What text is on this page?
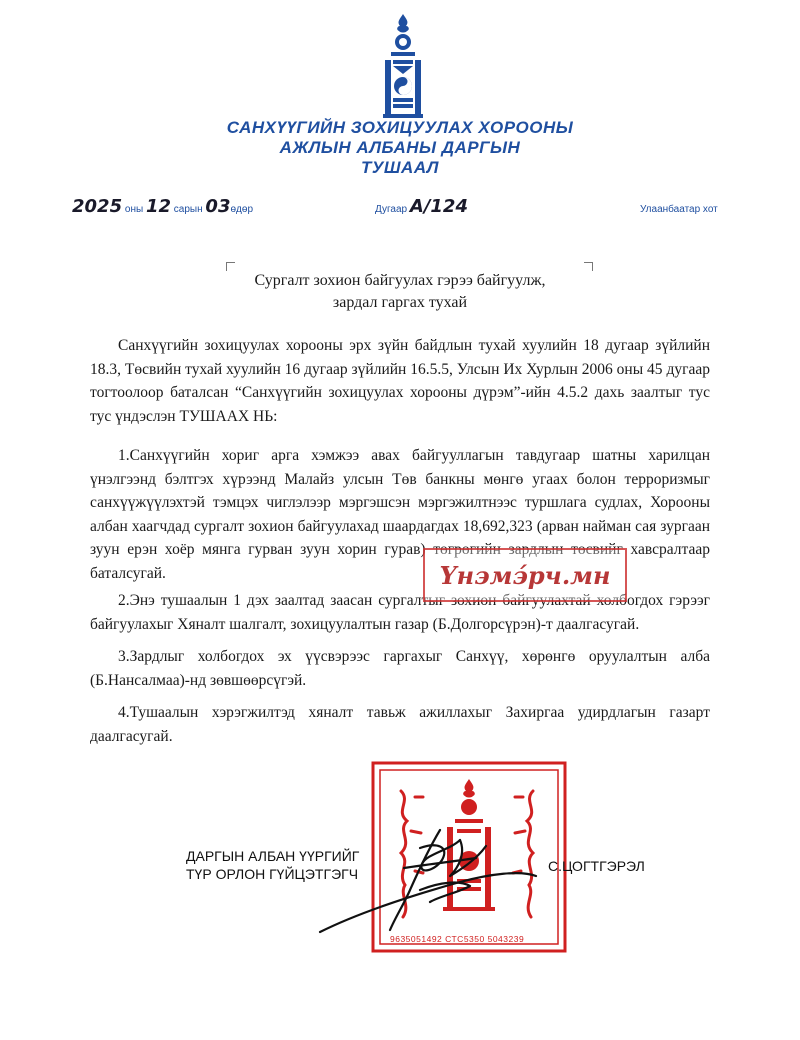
САНХҮҮГИЙН ЗОХИЦУУЛАХ ХОРООНЫ
АЖЛЫН АЛБАНЫ ДАРГЫН
ТУШААЛ
2025 оны 12 сарын 03өдөр	Дугаар А/124	Улаанбаатар хот

Сургалт зохион байгуулах гэрээ байгуулж,

зардал гаргах тухай

Санхүүгийн зохицуулах хорооны эрх зүйн байдлын тухай хуулийн 18 дугаар зүйлийн 18.3, Төсвийн тухай хуулийн 16 дугаар зүйлийн 16.5.5, Улсын Их Хурлын 2006 оны 45 дугаар тогтоолоор баталсан “Санхүүгийн зохицуулах хорооны дүрэм”-ийн 4.5.2 дахь заалтыг тус тус үндэслэн ТУШААХ НЬ:

1.Санхүүгийн хориг арга хэмжээ авах байгууллагын тавдугаар шатны харилцан үнэлгээнд бэлтгэх хүрээнд Малайз улсын Төв банкны мөнгө угаах болон терроризмыг санхүүжүүлэхтэй тэмцэх чиглэлээр мэргэшсэн мэргэжилтнээс туршлага судлах, Хорооны албан хаагчдад сургалт зохион байгуулахад шаардагдах 18,692,323 (арван найман сая зургаан зуун ерэн хоёр мянга гурван зуун хорин гурав) төгрөгийн зардлын төсвийг хавсралтаар баталсугай.

2.Энэ тушаалын 1 дэх заалтад заасан сургалтыг зохион байгуулахтай холбогдох гэрээг байгуулахыг Хяналт шалгалт, зохицуулалтын газар (Б.Долгорсүрэн)-т даалгасугай.

3.Зардлыг холбогдох эх үүсвэрээс гаргахыг Санхүү, хөрөнгө оруулалтын алба (Б.Нансалмаа)-нд зөвшөөрсүгэй.

4.Тушаалын хэрэгжилтэд хяналт тавьж ажиллахыг Захиргаа удирдлагын газарт даалгасугай.

Үнэмэ́рч.мн
9635051492 СТС5350 5043239
ДАРГЫН АЛБАН ҮҮРГИЙГ
ТҮР ОРЛОН ГҮЙЦЭТГЭГЧ	С.ЦОГТГЭРЭЛ
